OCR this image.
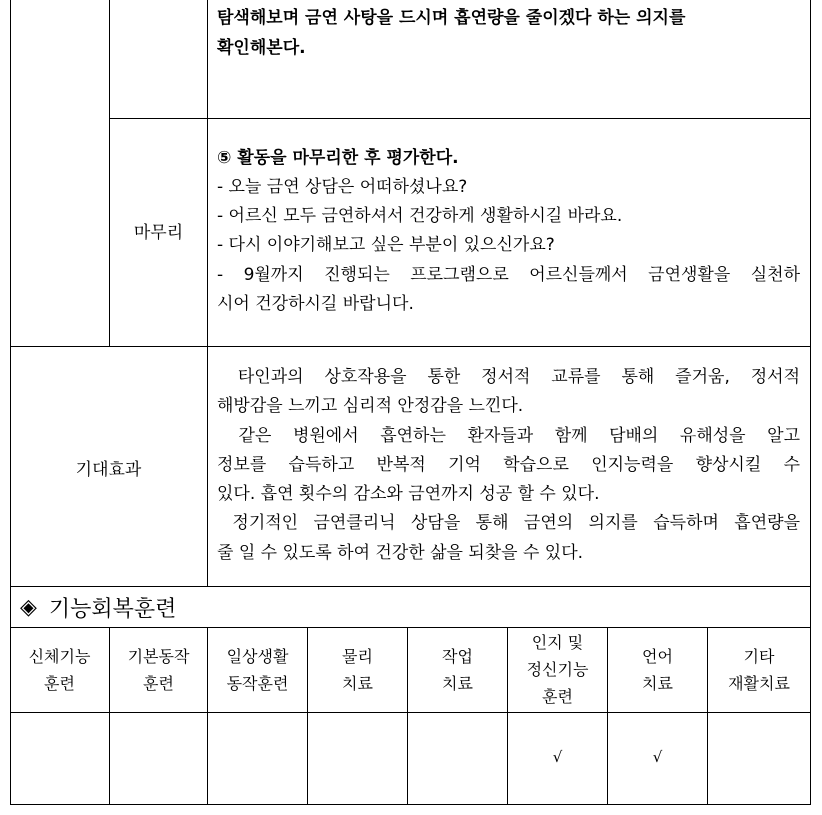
탐색해보며 금연 사탕을 드시며 흡연량을 줄이겠다 하는 의지를
확인해본다.
마무리
⑤ 활동을 마무리한 후 평가한다.
- 오늘 금연 상담은 어떠하셨나요?
- 어르신 모두 금연하셔서 건강하게 생활하시길 바라요.
- 다시 이야기해보고 싶은 부분이 있으신가요?
- 9월까지 진행되는 프로그램으로 어르신들께서 금연생활을 실천하
시어 건강하시길 바랍니다.
기대효과
타인과의 상호작용을 통한 정서적 교류를 통해 즐거움, 정서적
해방감을 느끼고 심리적 안정감을 느낀다.
같은 병원에서 흡연하는 환자들과 함께 담배의 유해성을 알고
정보를 습득하고 반복적 기억 학습으로 인지능력을 향상시킬 수
있다. 흡연 횟수의 감소와 금연까지 성공 할 수 있다.
정기적인 금연클리닉 상담을 통해 금연의 의지를 습득하며 흡연량을
줄 일 수 있도록 하여 건강한 삶을 되찾을 수 있다.
◈ 기능회복훈련
신체기능
훈련
기본동작
훈련
일상생활
동작훈련
물리
치료
작업
치료
인지 및
정신기능
훈련
언어
치료
기타
재활치료
√	√
